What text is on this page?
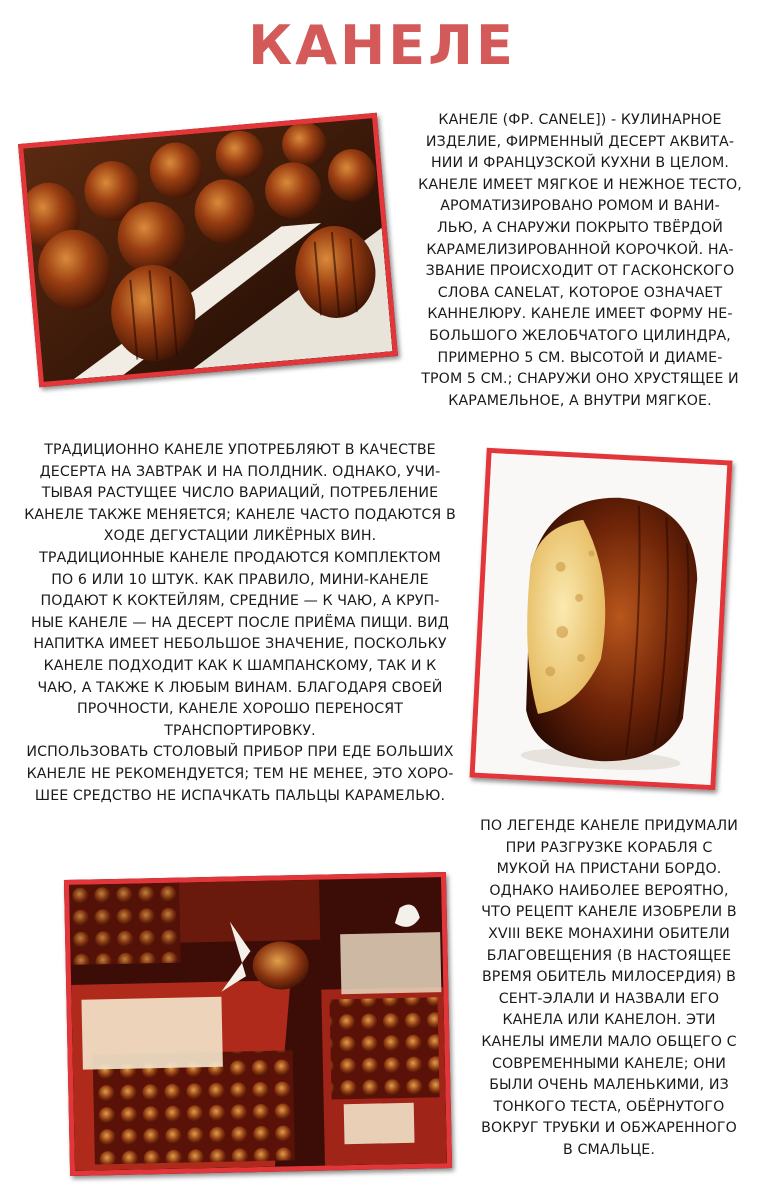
КАНЕЛЕ
КАНЕЛЕ (ФР. CANELE]) - КУЛИНАРНОЕ
ИЗДЕЛИЕ, ФИРМЕННЫЙ ДЕСЕРТ АКВИТА-
НИИ И ФРАНЦУЗСКОЙ КУХНИ В ЦЕЛОМ.
КАНЕЛЕ ИМЕЕТ МЯГКОЕ И НЕЖНОЕ ТЕСТО,
АРОМАТИЗИРОВАНО РОМОМ И ВАНИ-
ЛЬЮ, А СНАРУЖИ ПОКРЫТО ТВЁРДОЙ
КАРАМЕЛИЗИРОВАННОЙ КОРОЧКОЙ. НА-
ЗВАНИЕ ПРОИСХОДИТ ОТ ГАСКОНСКОГО
СЛОВА CANELAT, КОТОРОЕ ОЗНАЧАЕТ
КАННЕЛЮРУ. КАНЕЛЕ ИМЕЕТ ФОРМУ НЕ-
БОЛЬШОГО ЖЕЛОБЧАТОГО ЦИЛИНДРА,
ПРИМЕРНО 5 СМ. ВЫСОТОЙ И ДИАМЕ-
ТРОМ 5 СМ.; СНАРУЖИ ОНО ХРУСТЯЩЕЕ И
КАРАМЕЛЬНОЕ, А ВНУТРИ МЯГКОЕ.
ТРАДИЦИОННО КАНЕЛЕ УПОТРЕБЛЯЮТ В КАЧЕСТВЕ
ДЕСЕРТА НА ЗАВТРАК И НА ПОЛДНИК. ОДНАКО, УЧИ-
ТЫВАЯ РАСТУЩЕЕ ЧИСЛО ВАРИАЦИЙ, ПОТРЕБЛЕНИЕ
КАНЕЛЕ ТАКЖЕ МЕНЯЕТСЯ; КАНЕЛЕ ЧАСТО ПОДАЮТСЯ В
ХОДЕ ДЕГУСТАЦИИ ЛИКЁРНЫХ ВИН.
ТРАДИЦИОННЫЕ КАНЕЛЕ ПРОДАЮТСЯ КОМПЛЕКТОМ
ПО 6 ИЛИ 10 ШТУК. КАК ПРАВИЛО, МИНИ-КАНЕЛЕ
ПОДАЮТ К КОКТЕЙЛЯМ, СРЕДНИЕ — К ЧАЮ, А КРУП-
НЫЕ КАНЕЛЕ — НА ДЕСЕРТ ПОСЛЕ ПРИЁМА ПИЩИ. ВИД
НАПИТКА ИМЕЕТ НЕБОЛЬШОЕ ЗНАЧЕНИЕ, ПОСКОЛЬКУ
КАНЕЛЕ ПОДХОДИТ КАК К ШАМПАНСКОМУ, ТАК И К
ЧАЮ, А ТАКЖЕ К ЛЮБЫМ ВИНАМ. БЛАГОДАРЯ СВОЕЙ
ПРОЧНОСТИ, КАНЕЛЕ ХОРОШО ПЕРЕНОСЯТ
ТРАНСПОРТИРОВКУ.
ИСПОЛЬЗОВАТЬ СТОЛОВЫЙ ПРИБОР ПРИ ЕДЕ БОЛЬШИХ
КАНЕЛЕ НЕ РЕКОМЕНДУЕТСЯ; ТЕМ НЕ МЕНЕЕ, ЭТО ХОРО-
ШЕЕ СРЕДСТВО НЕ ИСПАЧКАТЬ ПАЛЬЦЫ КАРАМЕЛЬЮ.
ПО ЛЕГЕНДЕ КАНЕЛЕ ПРИДУМАЛИ
ПРИ РАЗГРУЗКЕ КОРАБЛЯ С
МУКОЙ НА ПРИСТАНИ БОРДО.
ОДНАКО НАИБОЛЕЕ ВЕРОЯТНО,
ЧТО РЕЦЕПТ КАНЕЛЕ ИЗОБРЕЛИ В
XVIII ВЕКЕ МОНАХИНИ ОБИТЕЛИ
БЛАГОВЕЩЕНИЯ (В НАСТОЯЩЕЕ
ВРЕМЯ ОБИТЕЛЬ МИЛОСЕРДИЯ) В
СЕНТ-ЭЛАЛИ И НАЗВАЛИ ЕГО
КАНЕЛА ИЛИ КАНЕЛОН. ЭТИ
КАНЕЛЫ ИМЕЛИ МАЛО ОБЩЕГО С
СОВРЕМЕННЫМИ КАНЕЛЕ; ОНИ
БЫЛИ ОЧЕНЬ МАЛЕНЬКИМИ, ИЗ
ТОНКОГО ТЕСТА, ОБЁРНУТОГО
ВОКРУГ ТРУБКИ И ОБЖАРЕННОГО
В СМАЛЬЦЕ.
